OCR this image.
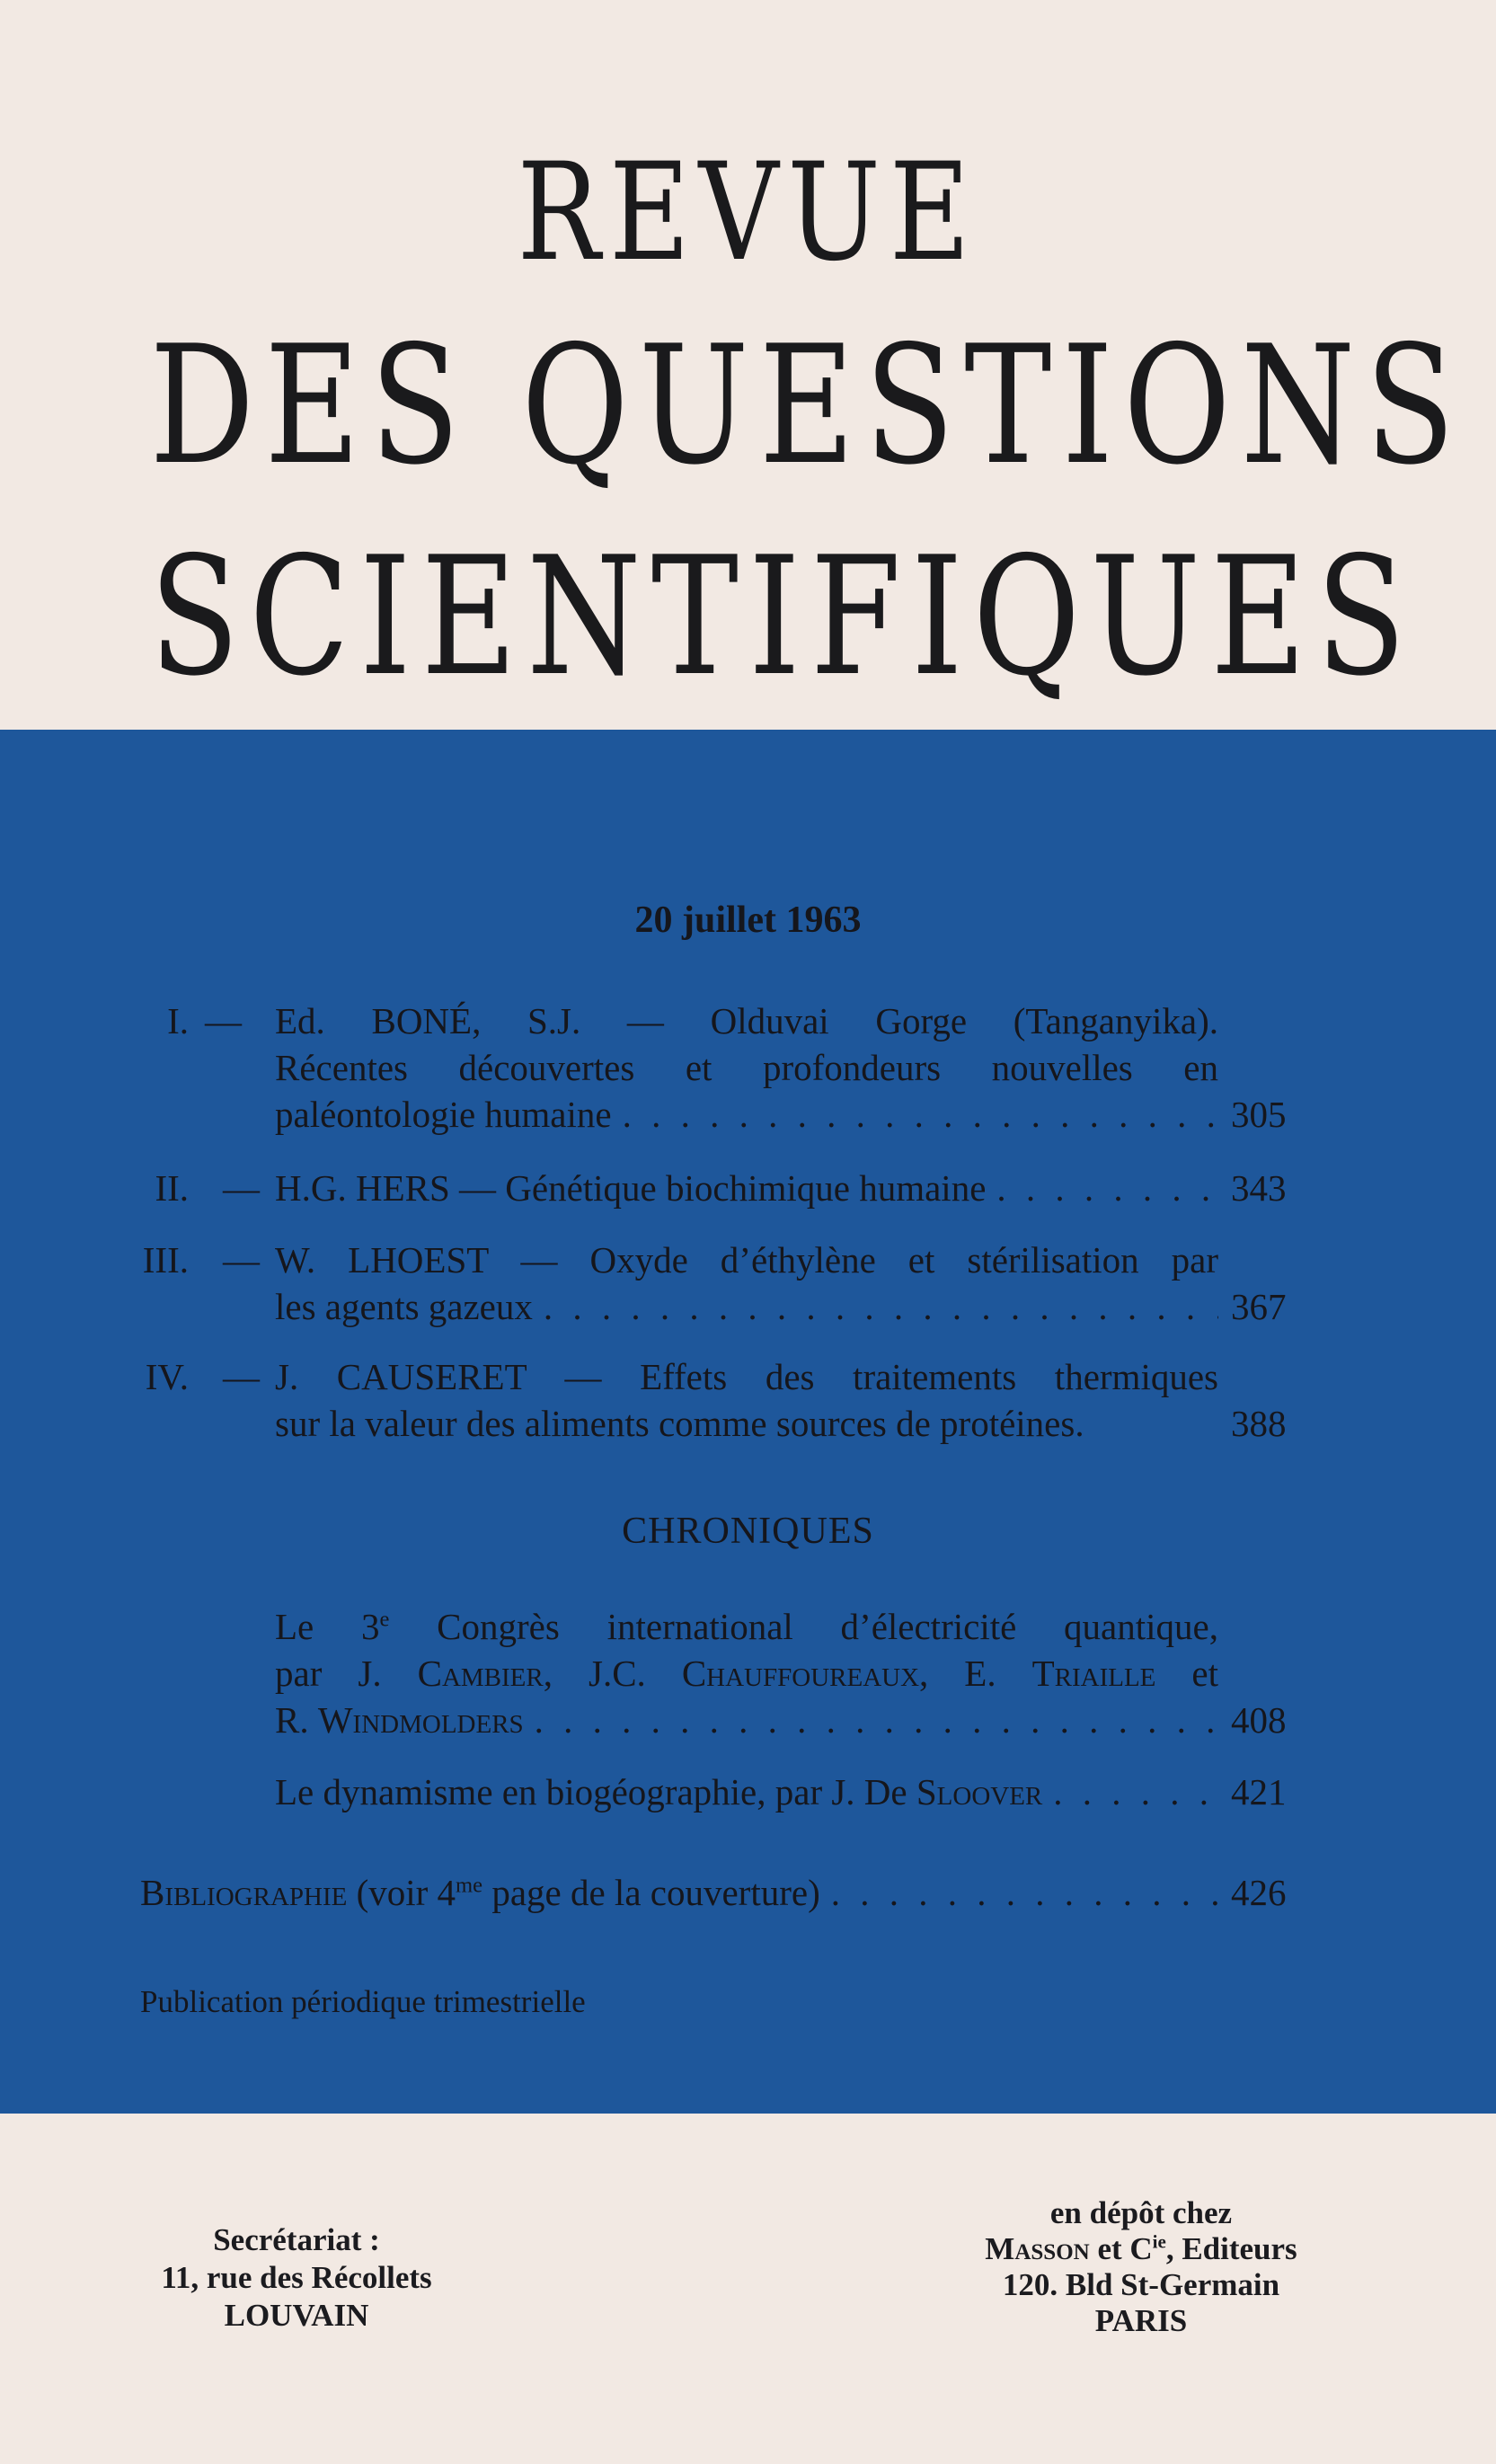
REVUE
DES QUESTIONS
SCIENTIFIQUES
20 juillet 1963
I. — Ed. BONÉ, S.J. — Olduvai Gorge (Tanganyika).
Récentes découvertes et profondeurs nouvelles en
paléontologie humaine . . .	305
II. — H.G. HERS — Génétique biochimique humaine . . .	343
III. — W. LHOEST — Oxyde d’éthylène et stérilisation par
les agents gazeux . . .	367
IV. — J. CAUSERET — Effets des traitements thermiques
sur la valeur des aliments comme sources de protéines.	388
CHRONIQUES
Le 3e Congrès international d’électricité quantique,
par J. Cambier, J.C. Chauffoureaux, E. Triaille et
R. Windmolders . . .	408
Le dynamisme en biogéographie, par J. De Sloover . . .	421
Bibliographie (voir $4^{me}$ page de la couverture) . . .	426
Publication périodique trimestrielle
Secrétariat :
11, rue des Récollets
LOUVAIN
en dépôt chez
Masson et $C^{ie}$, Editeurs
120. Bld St-Germain
PARIS
